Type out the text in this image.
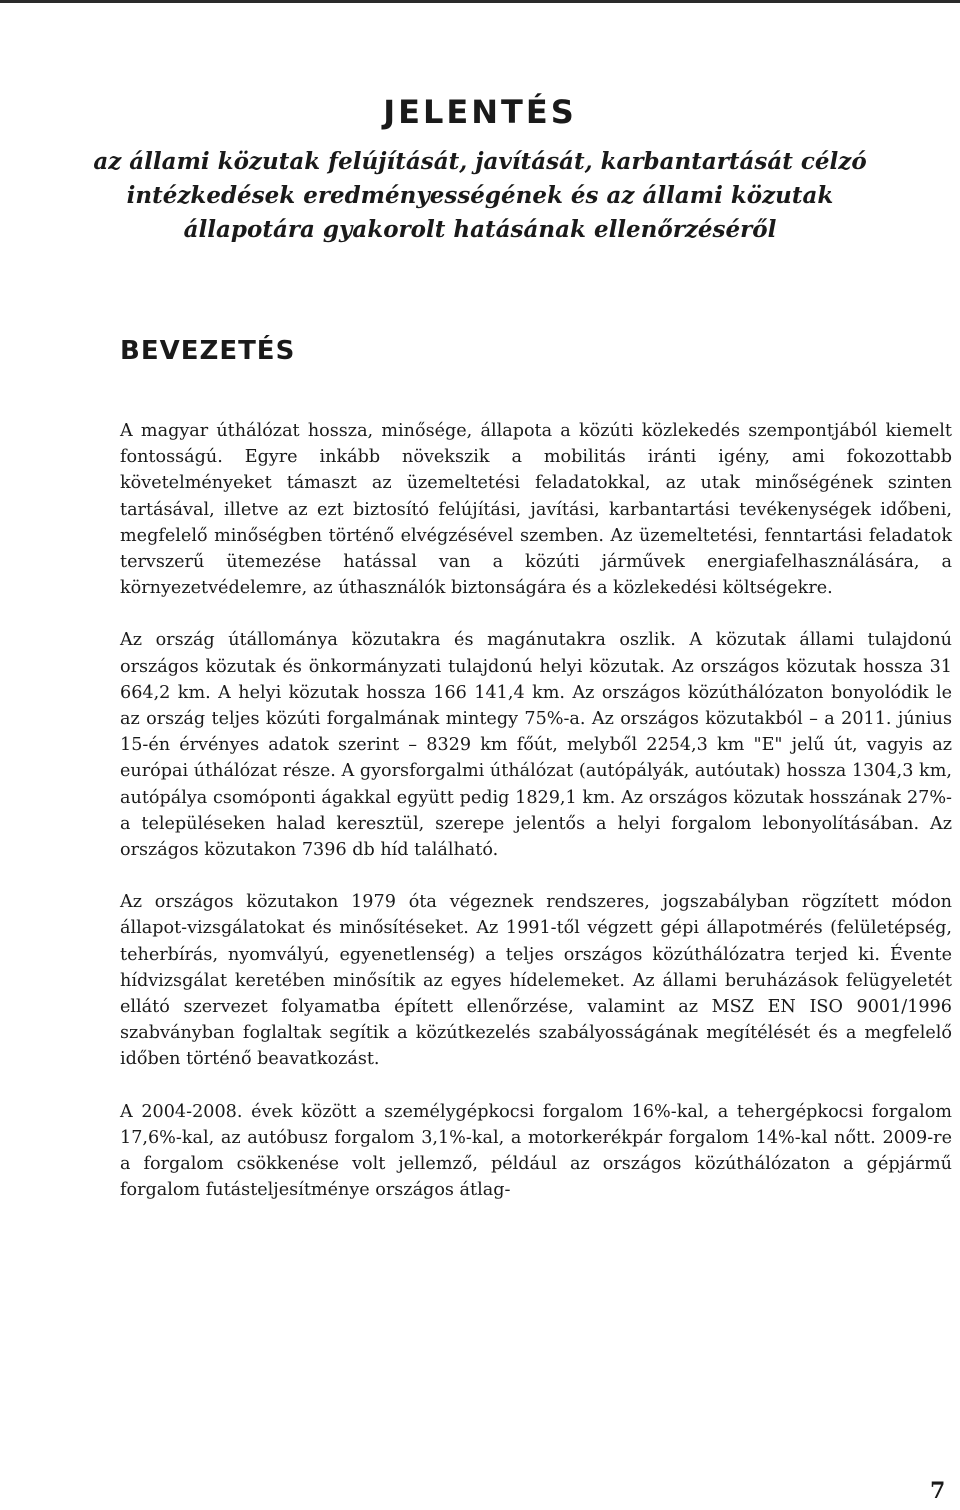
JELENTÉS
az állami közutak felújítását, javítását, karbantartását célzó intézkedések eredményességének és az állami közutak állapotára gyakorolt hatásának ellenőrzéséről
BEVEZETÉS

A magyar úthálózat hossza, minősége, állapota a közúti közlekedés szempontjából kiemelt fontosságú. Egyre inkább növekszik a mobilitás iránti igény, ami fokozottabb követelményeket támaszt az üzemeltetési feladatokkal, az utak minőségének szinten tartásával, illetve az ezt biztosító felújítási, javítási, karbantartási tevékenységek időbeni, megfelelő minőségben történő elvégzésével szemben. Az üzemeltetési, fenntartási feladatok tervszerű ütemezése hatással van a közúti járművek energiafelhasználására, a környezetvédelemre, az úthasználók biztonságára és a közlekedési költségekre.

Az ország útállománya közutakra és magánutakra oszlik. A közutak állami tulajdonú országos közutak és önkormányzati tulajdonú helyi közutak. Az országos közutak hossza 31 664,2 km. A helyi közutak hossza 166 141,4 km. Az országos közúthálózaton bonyolódik le az ország teljes közúti forgalmának mintegy 75%-a. Az országos közutakból – a 2011. június 15-én érvényes adatok szerint – 8329 km főút, melyből 2254,3 km "E" jelű út, vagyis az európai úthálózat része. A gyorsforgalmi úthálózat (autópályák, autóutak) hossza 1304,3 km, autópálya csomóponti ágakkal együtt pedig 1829,1 km. Az országos közutak hosszának 27%-a településeken halad keresztül, szerepe jelentős a helyi forgalom lebonyolításában. Az országos közutakon 7396 db híd található.

Az országos közutakon 1979 óta végeznek rendszeres, jogszabályban rögzített módon állapot-vizsgálatokat és minősítéseket. Az 1991-től végzett gépi állapotmérés (felületépség, teherbírás, nyomvályú, egyenetlenség) a teljes országos közúthálózatra terjed ki. Évente hídvizsgálat keretében minősítik az egyes hídelemeket. Az állami beruházások felügyeletét ellátó szervezet folyamatba épített ellenőrzése, valamint az MSZ EN ISO 9001/1996 szabványban foglaltak segítik a közútkezelés szabályosságának megítélését és a megfelelő időben történő beavatkozást.

A 2004-2008. évek között a személygépkocsi forgalom 16%-kal, a tehergépkocsi forgalom 17,6%-kal, az autóbusz forgalom 3,1%-kal, a motorkerékpár forgalom 14%-kal nőtt. 2009-re a forgalom csökkenése volt jellemző, például az országos közúthálózaton a gépjármű forgalom futásteljesítménye országos átlag-

7
